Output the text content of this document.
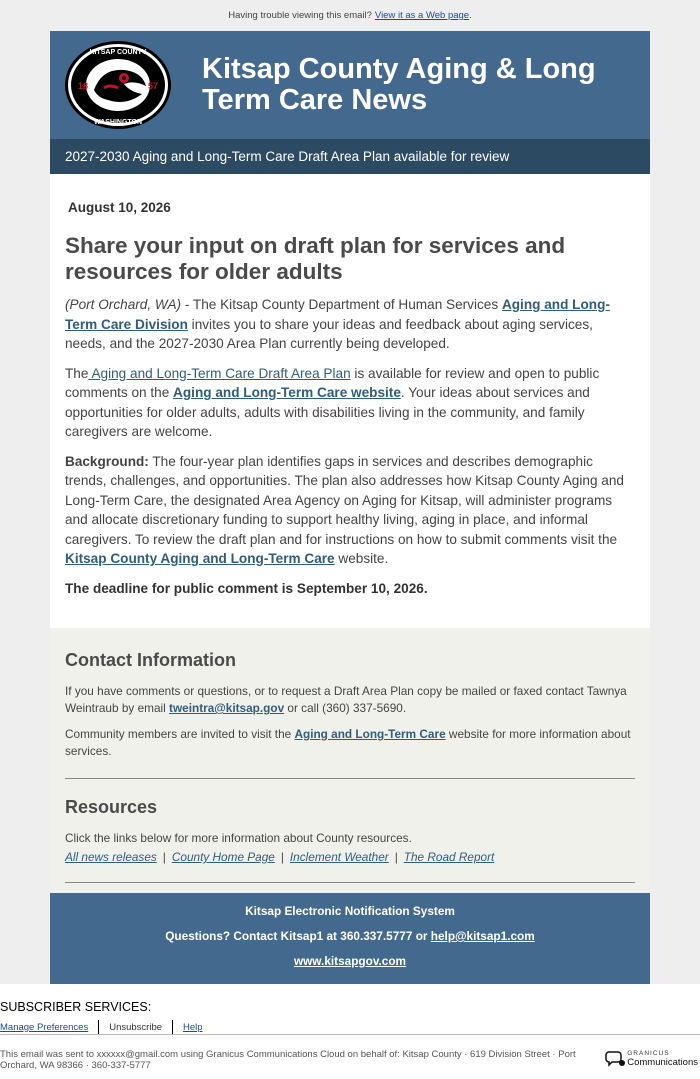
Having trouble viewing this email? View it as a Web page.
KITSAP COUNTY
WASHINGTON
18	57
Kitsap County Aging & Long Term Care News
2027-2030 Aging and Long-Term Care Draft Area Plan available for review
August 10, 2026
Share your input on draft plan for services and resources for older adults

(Port Orchard, WA) - The Kitsap County Department of Human Services Aging and Long-Term Care Division invites you to share your ideas and feedback about aging services, needs, and the 2027-2030 Area Plan currently being developed.

The Aging and Long-Term Care Draft Area Plan is available for review and open to public comments on the Aging and Long-Term Care website. Your ideas about services and opportunities for older adults, adults with disabilities living in the community, and family caregivers are welcome.

Background: The four-year plan identifies gaps in services and describes demographic trends, challenges, and opportunities. The plan also addresses how Kitsap County Aging and Long-Term Care, the designated Area Agency on Aging for Kitsap, will administer programs and allocate discretionary funding to support healthy living, aging in place, and informal caregivers. To review the draft plan and for instructions on how to submit comments visit the Kitsap County Aging and Long-Term Care website.

The deadline for public comment is September 10, 2026.

Contact Information

If you have comments or questions, or to request a Draft Area Plan copy be mailed or faxed contact Tawnya Weintraub by email tweintra@kitsap.gov or call (360) 337-5690.

Community members are invited to visit the Aging and Long-Term Care website for more information about services.

Resources

Click the links below for more information about County resources.

All news releases | County Home Page | Inclement Weather | The Road Report
Kitsap Electronic Notification System
Questions? Contact Kitsap1 at 360.337.5777 or help@kitsap1.com
www.kitsapgov.com
SUBSCRIBER SERVICES:
Manage Preferences Unsubscribe Help
This email was sent to xxxxxx@gmail.com using Granicus Communications Cloud on behalf of: Kitsap County · 619 Division Street · Port Orchard, WA 98366 · 360-337-5777
GRANICUS
Communications
